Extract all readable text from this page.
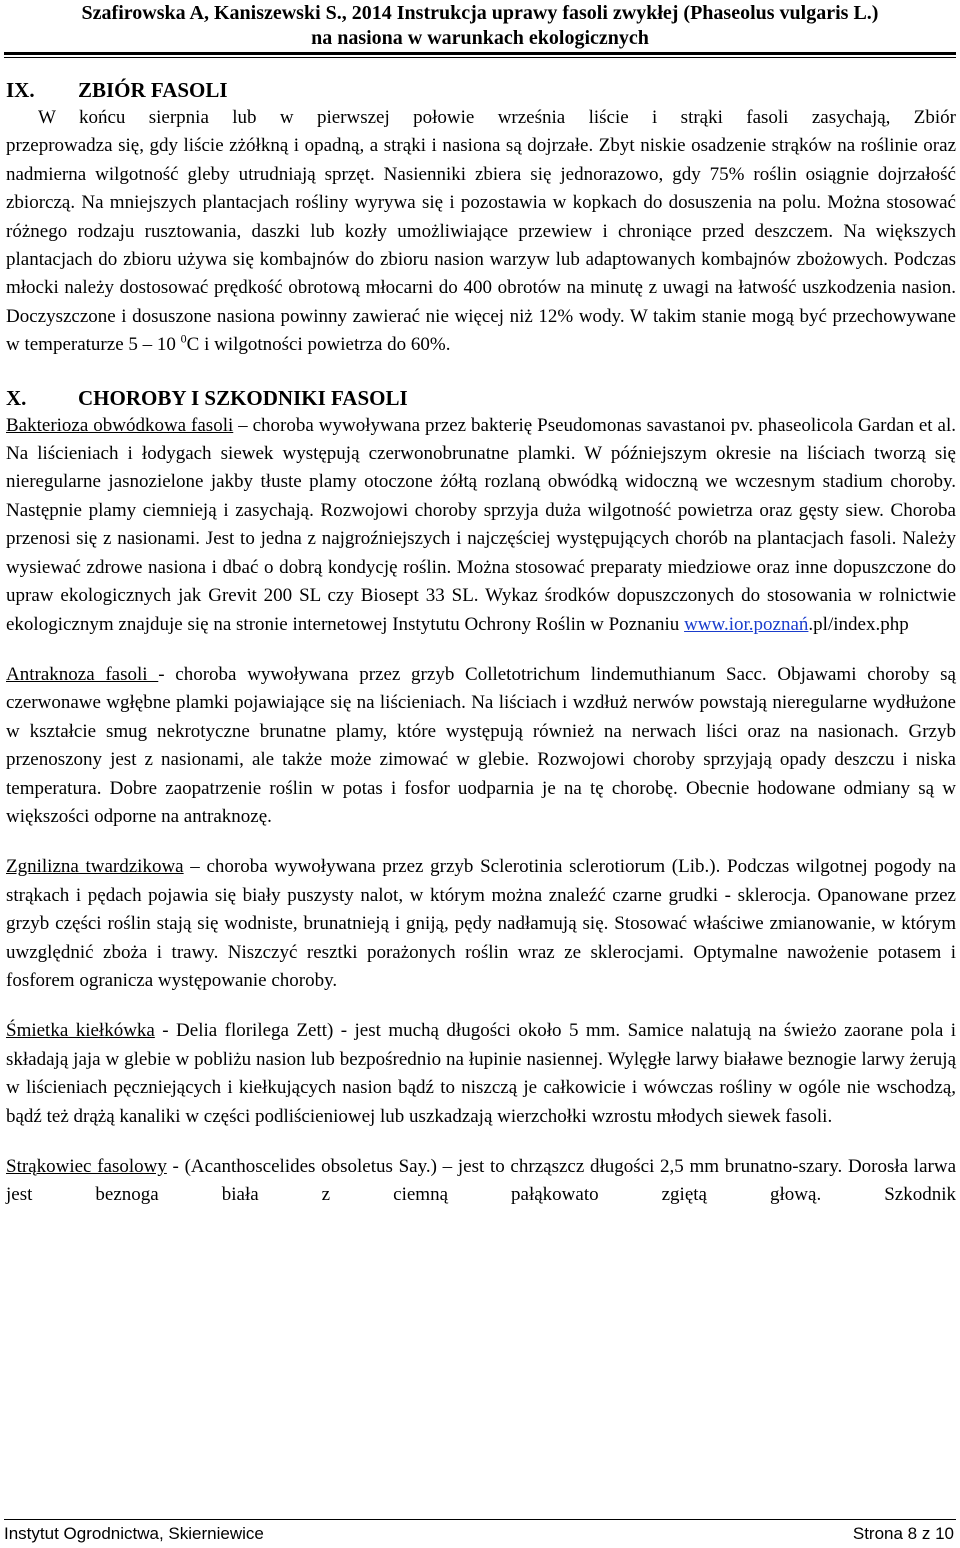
Szafirowska A, Kaniszewski S., 2014 Instrukcja uprawy fasoli zwykłej (Phaseolus vulgaris L.)
na nasiona w warunkach ekologicznych
IX. ZBIÓR FASOLI

W końcu sierpnia lub w pierwszej połowie września liście i strąki fasoli zasychają, Zbiór

przeprowadza się, gdy liście zżółkną i opadną, a strąki i nasiona są dojrzałe. Zbyt niskie osadzenie strąków na roślinie oraz nadmierna wilgotność gleby utrudniają sprzęt. Nasienniki zbiera się jednorazowo, gdy 75% roślin osiągnie dojrzałość zbiorczą. Na mniejszych plantacjach rośliny wyrywa się i pozostawia w kopkach do dosuszenia na polu. Można stosować różnego rodzaju rusztowania, daszki lub kozły umożliwiające przewiew i chroniące przed deszczem. Na większych plantacjach do zbioru używa się kombajnów do zbioru nasion warzyw lub adaptowanych kombajnów zbożowych. Podczas młocki należy dostosować prędkość obrotową młocarni do 400 obrotów na minutę z uwagi na łatwość uszkodzenia nasion. Doczyszczone i dosuszone nasiona powinny zawierać nie więcej niż 12% wody. W takim stanie mogą być przechowywane w temperaturze 5 – 10 $^0$C i wilgotności powietrza do 60%.

X. CHOROBY I SZKODNIKI FASOLI

Bakterioza obwódkowa fasoli – choroba wywoływana przez bakterię Pseudomonas savastanoi pv. phaseolicola Gardan et al. Na liścieniach i łodygach siewek występują czerwonobrunatne plamki. W późniejszym okresie na liściach tworzą się nieregularne jasnozielone jakby tłuste plamy otoczone żółtą rozlaną obwódką widoczną we wczesnym stadium choroby. Następnie plamy ciemnieją i zasychają. Rozwojowi choroby sprzyja duża wilgotność powietrza oraz gęsty siew. Choroba przenosi się z nasionami. Jest to jedna z najgroźniejszych i najczęściej występujących chorób na plantacjach fasoli. Należy wysiewać zdrowe nasiona i dbać o dobrą kondycję roślin. Można stosować preparaty miedziowe oraz inne dopuszczone do upraw ekologicznych jak Grevit 200 SL czy Biosept 33 SL. Wykaz środków dopuszczonych do stosowania w rolnictwie ekologicznym znajduje się na stronie internetowej Instytutu Ochrony Roślin w Poznaniu www.ior.poznań.pl/index.php

Antraknoza fasoli - choroba wywoływana przez grzyb Colletotrichum lindemuthianum Sacc. Objawami choroby są czerwonawe wgłębne plamki pojawiające się na liścieniach. Na liściach i wzdłuż nerwów powstają nieregularne wydłużone w kształcie smug nekrotyczne brunatne plamy, które występują również na nerwach liści oraz na nasionach. Grzyb przenoszony jest z nasionami, ale także może zimować w glebie. Rozwojowi choroby sprzyjają opady deszczu i niska temperatura. Dobre zaopatrzenie roślin w potas i fosfor uodparnia je na tę chorobę. Obecnie hodowane odmiany są w większości odporne na antraknozę.

Zgnilizna twardzikowa – choroba wywoływana przez grzyb Sclerotinia sclerotiorum (Lib.). Podczas wilgotnej pogody na strąkach i pędach pojawia się biały puszysty nalot, w którym można znaleźć czarne grudki - sklerocja. Opanowane przez grzyb części roślin stają się wodniste, brunatnieją i gniją, pędy nadłamują się. Stosować właściwe zmianowanie, w którym uwzględnić zboża i trawy. Niszczyć resztki porażonych roślin wraz ze sklerocjami. Optymalne nawożenie potasem i fosforem ogranicza występowanie choroby.

Śmietka kiełkówka - Delia florilega Zett) - jest muchą długości około 5 mm. Samice nalatują na świeżo zaorane pola i składają jaja w glebie w pobliżu nasion lub bezpośrednio na łupinie nasiennej. Wylęgłe larwy białawe beznogie larwy żerują w liścieniach pęczniejących i kiełkujących nasion bądź to niszczą je całkowicie i wówczas rośliny w ogóle nie wschodzą, bądź też drążą kanaliki w części podliścieniowej lub uszkadzają wierzchołki wzrostu młodych siewek fasoli.

Strąkowiec fasolowy - (Acanthoscelides obsoletus Say.) – jest to chrząszcz długości 2,5 mm brunatno-szary. Dorosła larwa jest beznoga biała z ciemną pałąkowato zgiętą głową. Szkodnik

Instytut Ogrodnictwa, Skierniewice	Strona 8 z 10
